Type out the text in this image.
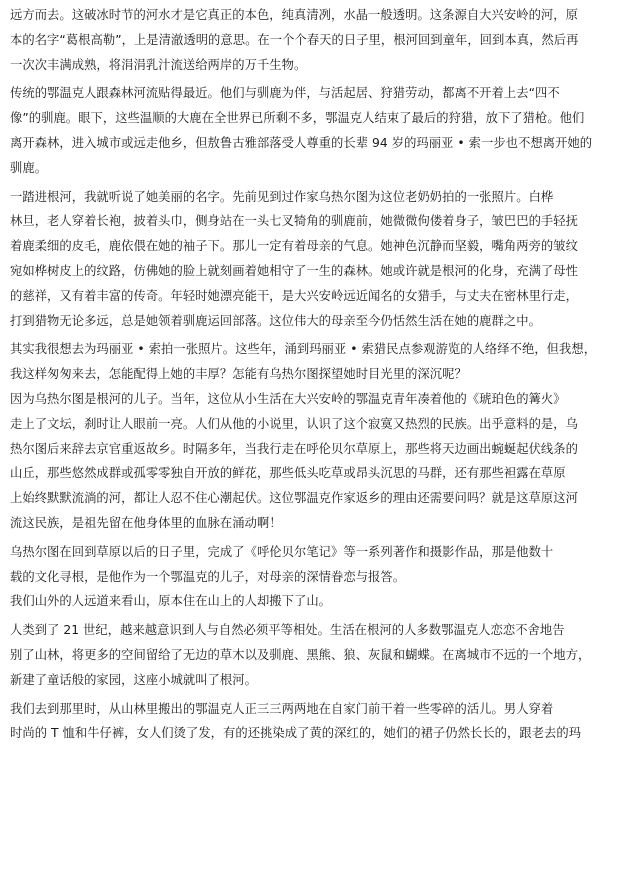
远方而去。这破冰时节的河水才是它真正的本色，纯真清冽，水晶一般透明。这条源自大兴安岭的河，原

本的名字“葛根高勒”，上是清澈透明的意思。在一个个春天的日子里，根河回到童年，回到本真，然后再

一次次丰满成熟，将涓涓乳汁流送给两岸的万千生物。

传统的鄂温克人跟森林河流贴得最近。他们与驯鹿为伴，与活起居、狩猎劳动，都离不开着上去“四不

像”的驯鹿。眼下，这些温顺的大鹿在全世界已所剩不多，鄂温克人结束了最后的狩猎，放下了猎枪。他们

离开森林，进入城市或远走他乡，但敖鲁古雅部落受人尊重的长辈 94 岁的玛丽亚 • 索一步也不想离开她的

驯鹿。

一踏进根河，我就听说了她美丽的名字。先前见到过作家乌热尔图为这位老奶奶拍的一张照片。白桦

林旦，老人穿着长袍，披着头巾，侧身站在一头七叉犄角的驯鹿前，她微微佝偻着身子，皱巴巴的手轻抚

着鹿柔细的皮毛，鹿依偎在她的袖子下。那儿一定有着母亲的气息。她神色沉静而坚毅，嘴角两旁的皱纹

宛如桦树皮上的纹路，仿佛她的脸上就刻画着她相守了一生的森林。她或许就是根河的化身，充满了母性

的慈祥，又有着丰富的传奇。年轻时她漂亮能干，是大兴安岭远近闻名的女猎手，与丈夫在密林里行走，

打到猎物无论多远，总是她领着驯鹿运回部落。这位伟大的母亲至今仍恬然生活在她的鹿群之中。

其实我很想去为玛丽亚 • 索拍一张照片。这些年，涌到玛丽亚 • 索猎民点参观游览的人络绎不绝，但我想，

我这样匆匆来去，怎能配得上她的丰厚？怎能有乌热尔图探望她时目光里的深沉呢？

因为乌热尔图是根河的儿子。当年，这位从小生活在大兴安岭的鄂温克青年凑着他的《琥珀色的篝火》

走上了文坛，刹时让人眼前一亮。人们从他的小说里，认识了这个寂寞又热烈的民族。出乎意料的是，乌

热尔图后来辞去京官重返故乡。时隔多年，当我行走在呼伦贝尔草原上，那些将天边画出蜿蜒起伏线条的

山丘，那些悠然成群或孤零零独自开放的鲜花，那些低头吃草或昂头沉思的马群，还有那些袒露在草原

上始终默默流淌的河，都让人忍不住心潮起伏。这位鄂温克作家返乡的理由还需要问吗？就是这草原这河

流这民族，是祖先留在他身体里的血脉在涌动啊！

乌热尔图在回到草原以后的日子里，完成了《呼伦贝尔笔记》等一系列著作和摄影作品，那是他数十

载的文化寻根，是他作为一个鄂温克的儿子，对母亲的深情眷恋与报答。

我们山外的人远道来看山，原本住在山上的人却搬下了山。

人类到了 21 世纪，越来越意识到人与自然必须平等相处。生活在根河的人多数鄂温克人恋恋不舍地告

别了山林，将更多的空间留给了无边的草木以及驯鹿、黑熊、狼、灰鼠和蝴蝶。在离城市不远的一个地方，

新建了童话般的家园，这座小城就叫了根河。

我们去到那里时，从山林里搬出的鄂温克人正三三两两地在自家门前干着一些零碎的活儿。男人穿着

时尚的 T 恤和牛仔裤，女人们烫了发，有的还挑染成了黄的深红的，她们的裙子仍然长长的，跟老去的玛
